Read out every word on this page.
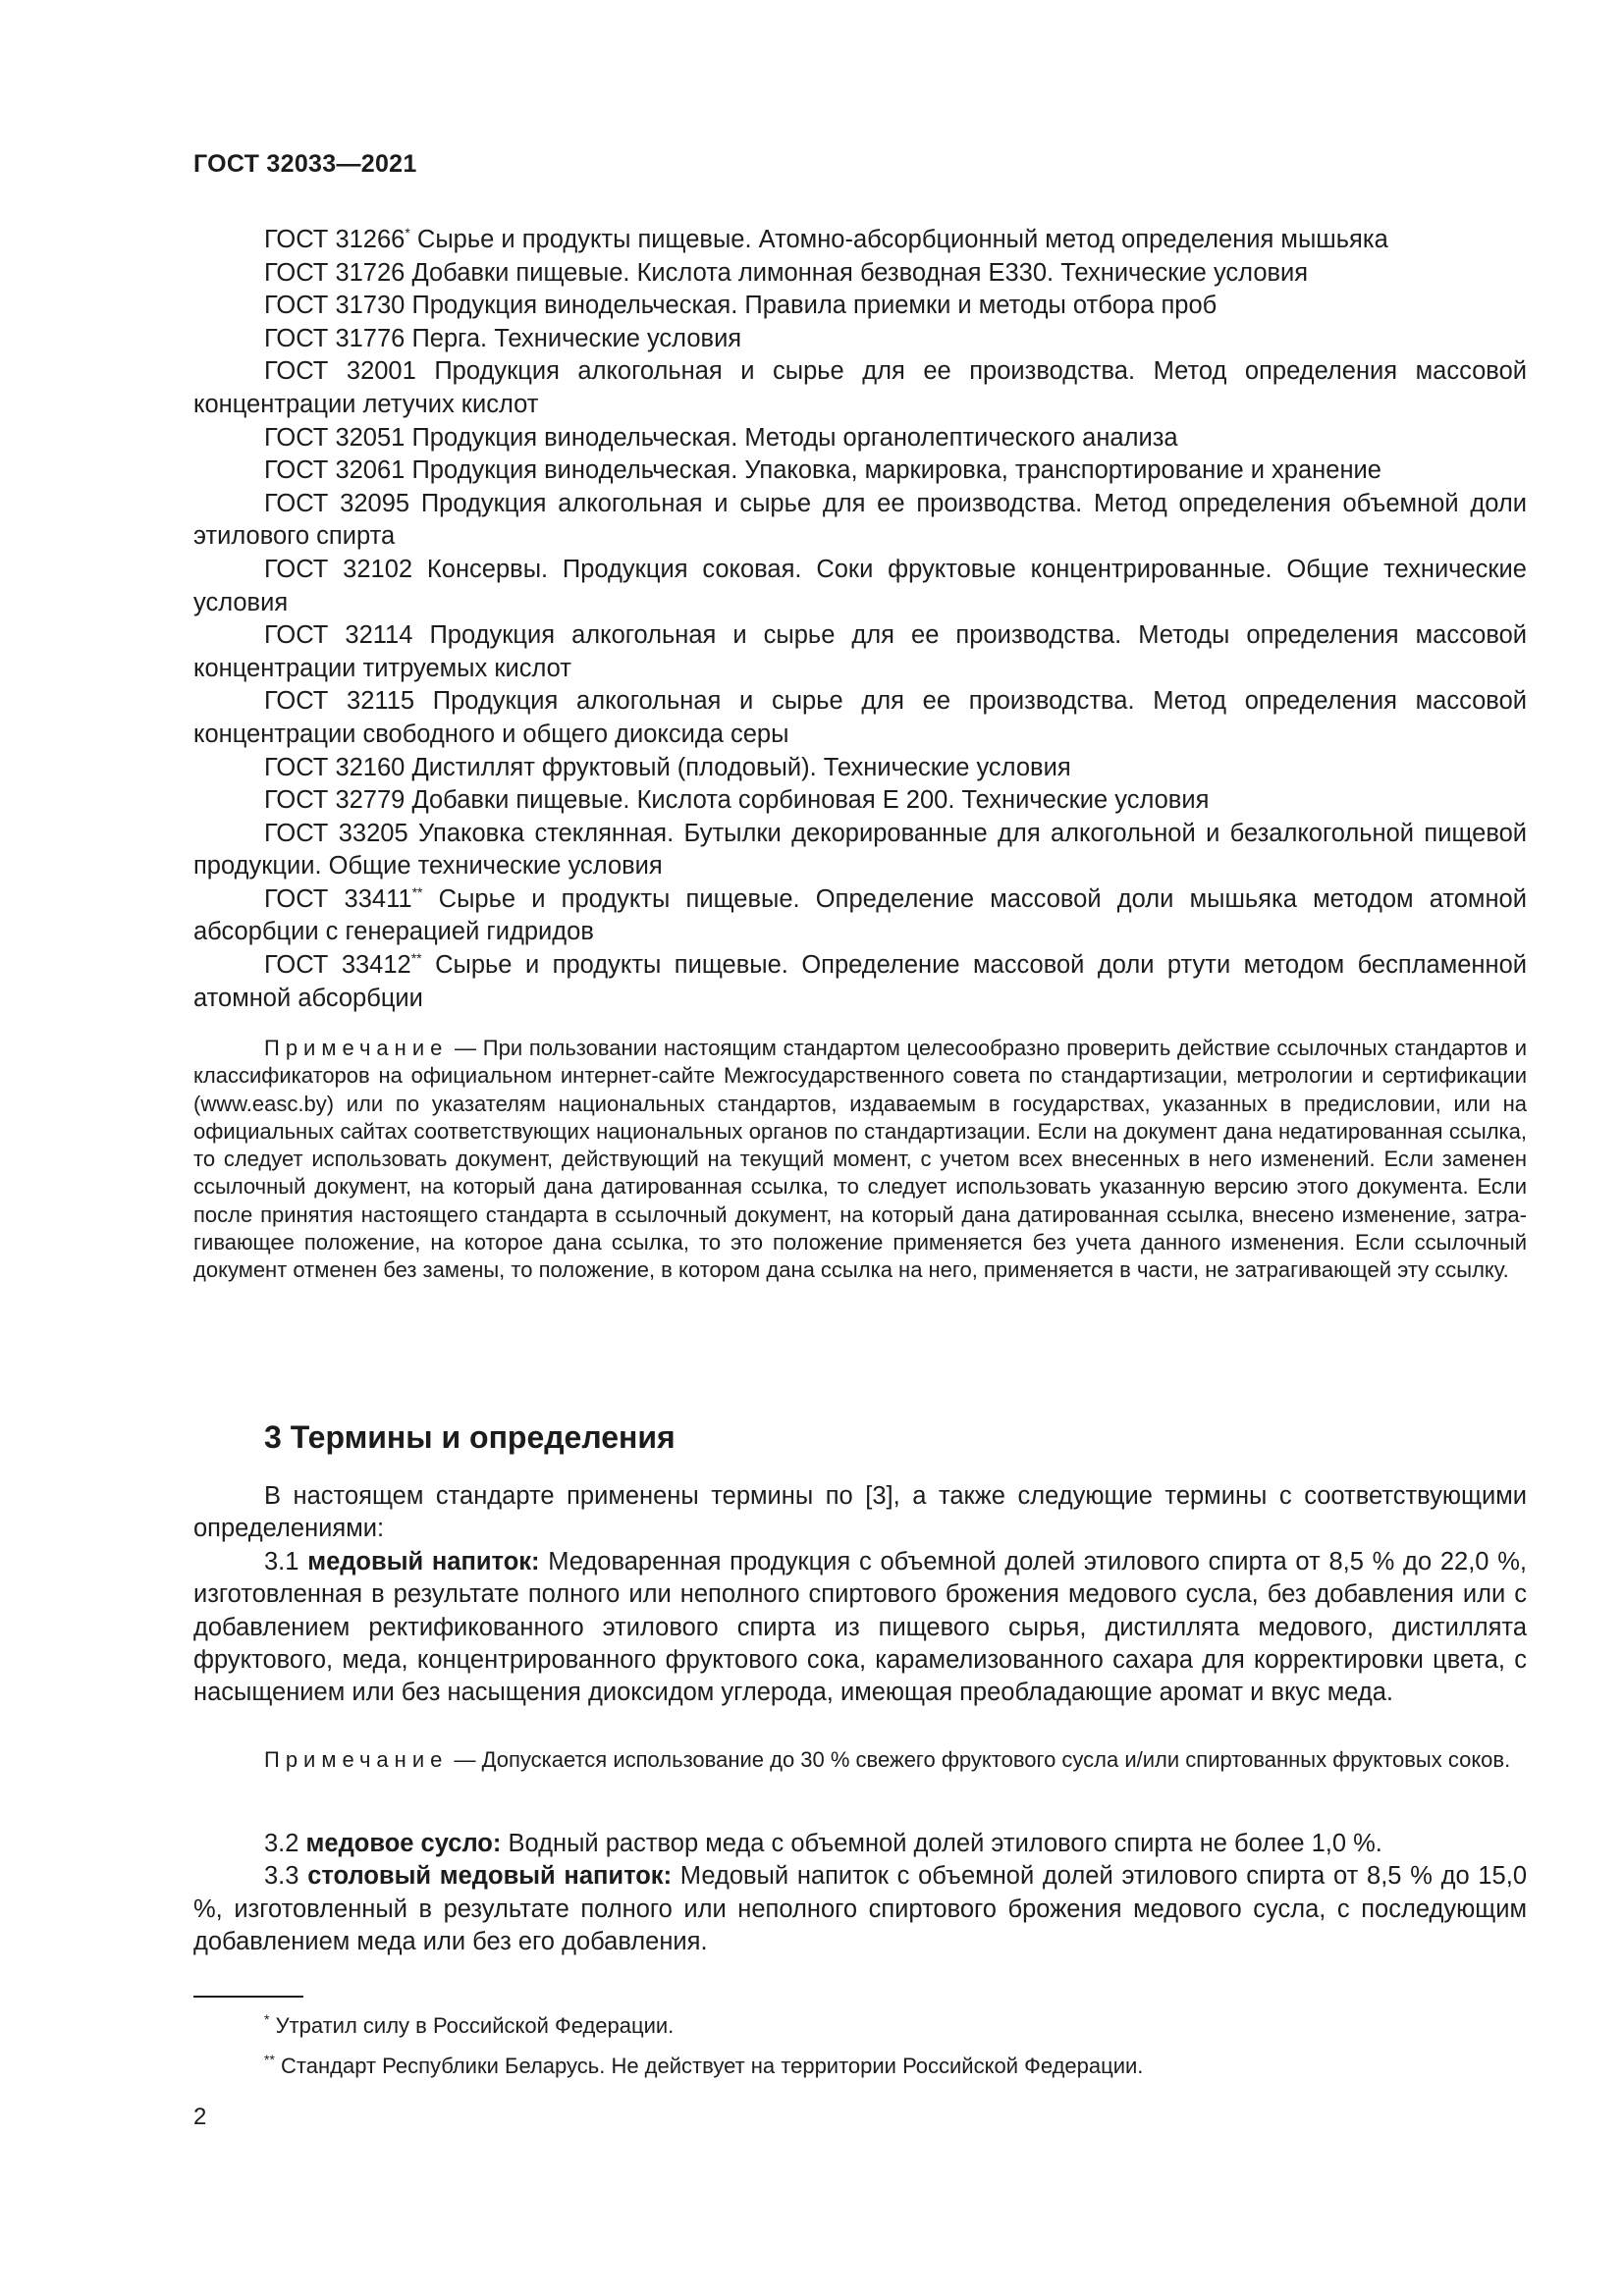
ГОСТ 32033—2021

ГОСТ 31266* Сырье и продукты пищевые. Атомно-абсорбционный метод определения мышьяка

ГОСТ 31726 Добавки пищевые. Кислота лимонная безводная Е330. Технические условия

ГОСТ 31730 Продукция винодельческая. Правила приемки и методы отбора проб

ГОСТ 31776 Перга. Технические условия

ГОСТ 32001 Продукция алкогольная и сырье для ее производства. Метод определения массовой концентрации летучих кислот

ГОСТ 32051 Продукция винодельческая. Методы органолептического анализа

ГОСТ 32061 Продукция винодельческая. Упаковка, маркировка, транспортирование и хранение

ГОСТ 32095 Продукция алкогольная и сырье для ее производства. Метод определения объемной доли этилового спирта

ГОСТ 32102 Консервы. Продукция соковая. Соки фруктовые концентрированные. Общие технические условия

ГОСТ 32114 Продукция алкогольная и сырье для ее производства. Методы определения массовой концентрации титруемых кислот

ГОСТ 32115 Продукция алкогольная и сырье для ее производства. Метод определения массовой концентрации свободного и общего диоксида серы

ГОСТ 32160 Дистиллят фруктовый (плодовый). Технические условия

ГОСТ 32779 Добавки пищевые. Кислота сорбиновая Е 200. Технические условия

ГОСТ 33205 Упаковка стеклянная. Бутылки декорированные для алкогольной и безалкогольной пищевой продукции. Общие технические условия

ГОСТ 33411** Сырье и продукты пищевые. Определение массовой доли мышьяка методом атомной абсорбции с генерацией гидридов

ГОСТ 33412** Сырье и продукты пищевые. Определение массовой доли ртути методом беспламенной атомной абсорбции

Примечание — При пользовании настоящим стандартом целесообразно проверить действие ссылочных стандартов и классификаторов на официальном интернет-сайте Межгосударственного совета по стандартизации, метрологии и сертификации (www.easc.by) или по указателям национальных стандартов, издаваемым в государствах, указанных в предисловии, или на официальных сайтах соответствующих национальных органов по стандартизации. Если на документ дана недатированная ссылка, то следует использовать документ, действующий на текущий момент, с учетом всех внесенных в него изменений. Если заменен ссылочный документ, на который дана датированная ссылка, то следует использовать указанную версию этого документа. Если после принятия настоящего стандарта в ссылочный документ, на который дана датированная ссылка, внесено изменение, затрагивающее положение, на которое дана ссылка, то это положение применяется без учета данного изменения. Если ссылочный документ отменен без замены, то положение, в котором дана ссылка на него, применяется в части, не затрагивающей эту ссылку.

3 Термины и определения

В настоящем стандарте применены термины по [3], а также следующие термины с соответствующими определениями:

3.1 медовый напиток: Медоваренная продукция с объемной долей этилового спирта от 8,5 % до 22,0 %, изготовленная в результате полного или неполного спиртового брожения медового сусла, без добавления или с добавлением ректификованного этилового спирта из пищевого сырья, дистиллята медового, дистиллята фруктового, меда, концентрированного фруктового сока, карамелизованного сахара для корректировки цвета, с насыщением или без насыщения диоксидом углерода, имеющая преобладающие аромат и вкус меда.

Примечание — Допускается использование до 30 % свежего фруктового сусла и/или спиртованных фруктовых соков.

3.2 медовое сусло: Водный раствор меда с объемной долей этилового спирта не более 1,0 %.

3.3 столовый медовый напиток: Медовый напиток с объемной долей этилового спирта от 8,5 % до 15,0 %, изготовленный в результате полного или неполного спиртового брожения медового сусла, с последующим добавлением меда или без его добавления.

* Утратил силу в Российской Федерации.
** Стандарт Республики Беларусь. Не действует на территории Российской Федерации.
2
